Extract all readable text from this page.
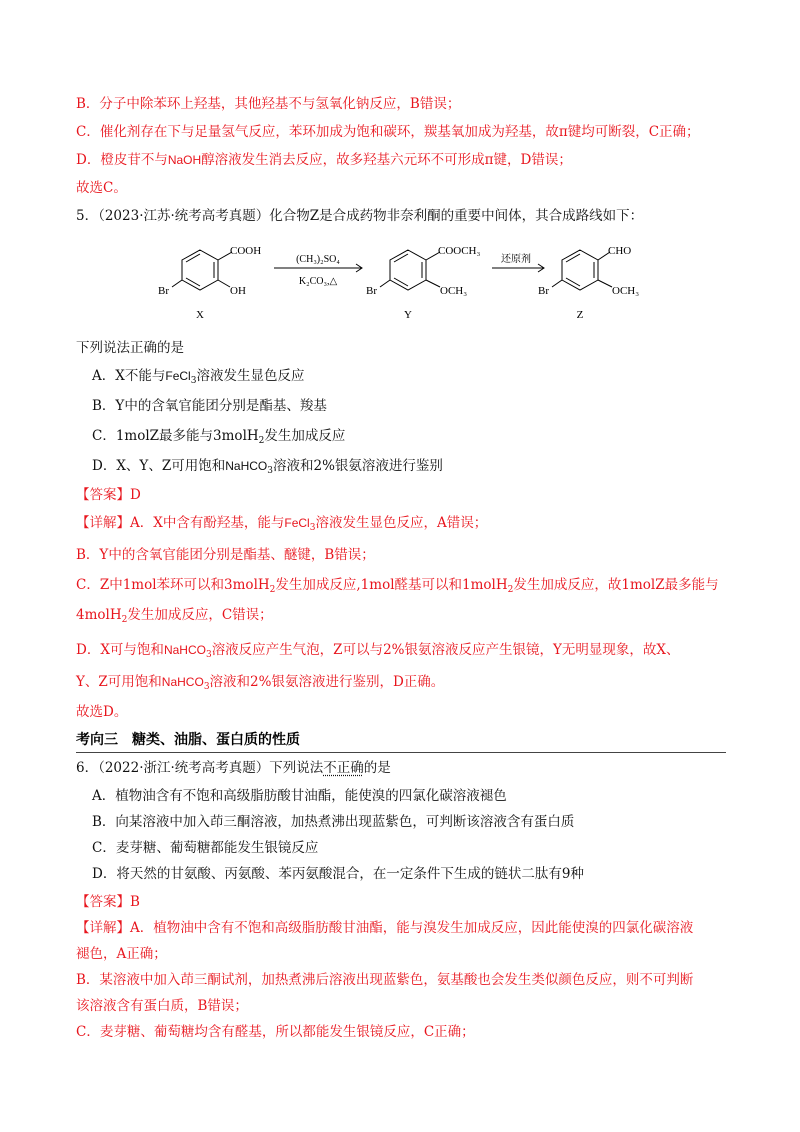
B．分子中除苯环上羟基，其他羟基不与氢氧化钠反应，B错误；
C．催化剂存在下与足量氢气反应，苯环加成为饱和碳环，羰基氧加成为羟基，故π键均可断裂，C正确；
D．橙皮苷不与NaOH醇溶液发生消去反应，故多羟基六元环不可形成π键，D错误；
故选C。
5．（2023·江苏·统考高考真题）化合物Z是合成药物非奈利酮的重要中间体，其合成路线如下：
COOH
OH
Br
X
(CH₃)₂SO₄
K₂CO₃,△
COOCH₃
OCH₃
Br
Y
还原剂
CHO
OCH₃
Br
Z
下列说法正确的是
A．X不能与FeCl$_3$溶液发生显色反应
B．Y中的含氧官能团分别是酯基、羧基
C．1molZ最多能与3molH$_2$发生加成反应
D．X、Y、Z可用饱和NaHCO$_3$溶液和2%银氨溶液进行鉴别
【答案】D
【详解】A．X中含有酚羟基，能与FeCl$_3$溶液发生显色反应，A错误；
B．Y中的含氧官能团分别是酯基、醚键，B错误；
C．Z中1mol苯环可以和3molH$_2$发生加成反应,1mol醛基可以和1molH$_2$发生加成反应，故1molZ最多能与
4molH$_2$发生加成反应，C错误；
D．X可与饱和NaHCO$_3$溶液反应产生气泡，Z可以与2%银氨溶液反应产生银镜，Y无明显现象，故X、
Y、Z可用饱和NaHCO$_3$溶液和2%银氨溶液进行鉴别，D正确。
故选D。
考向三　糖类、油脂、蛋白质的性质
6．（2022·浙江·统考高考真题）下列说法不正确的是
A．植物油含有不饱和高级脂肪酸甘油酯，能使溴的四氯化碳溶液褪色
B．向某溶液中加入茚三酮溶液，加热煮沸出现蓝紫色，可判断该溶液含有蛋白质
C．麦芽糖、葡萄糖都能发生银镜反应
D．将天然的甘氨酸、丙氨酸、苯丙氨酸混合，在一定条件下生成的链状二肽有9种
【答案】B
【详解】A．植物油中含有不饱和高级脂肪酸甘油酯，能与溴发生加成反应，因此能使溴的四氯化碳溶液
褪色，A正确；
B．某溶液中加入茚三酮试剂，加热煮沸后溶液出现蓝紫色，氨基酸也会发生类似颜色反应，则不可判断
该溶液含有蛋白质，B错误；
C．麦芽糖、葡萄糖均含有醛基，所以都能发生银镜反应，C正确；
